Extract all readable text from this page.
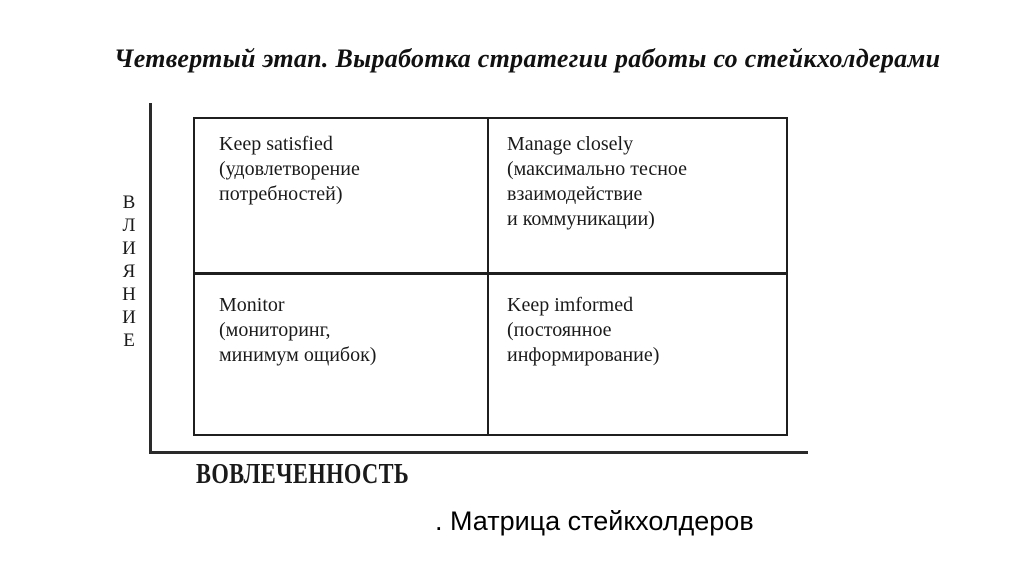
Четвертый этап. Выработка стратегии работы со стейкхолдерами
ВЛИЯНИЕ
Keep satisfied
(удовлетворение
потребностей)
Manage closely
(максимально тесное
взаимодействие
и коммуникации)
Monitor
(мониторинг,
минимум ощибок)
Keep imformed
(постоянное
информирование)
ВОВЛЕЧЕННОСТЬ
. Матрица стейкхолдеров
